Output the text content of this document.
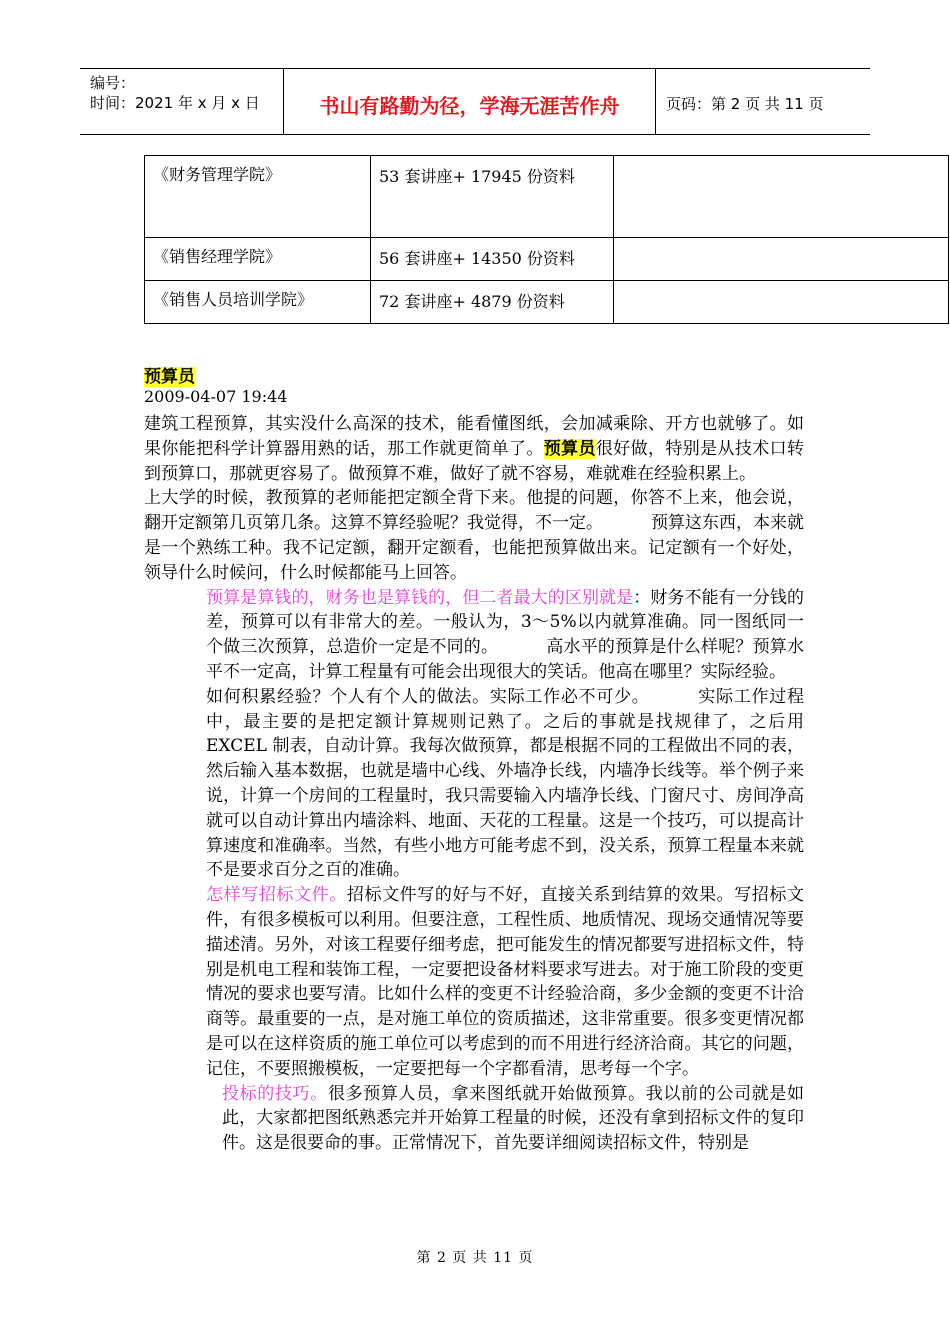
编号：
时间：2021 年 x 月 x 日	书山有路勤为径，学海无涯苦作舟	页码：第 2 页 共 11 页
《财务管理学院》	53 套讲座+ 17945 份资料	
《销售经理学院》	56 套讲座+ 14350 份资料	
《销售人员培训学院》	72 套讲座+ 4879 份资料	
预算员
2009-04-07 19:44

建筑工程预算，其实没什么高深的技术，能看懂图纸，会加减乘除、开方也就够了。如果你能把科学计算器用熟的话，那工作就更简单了。预算员很好做，特别是从技术口转到预算口，那就更容易了。做预算不难，做好了就不容易，难就难在经验积累上。上大学的时候，教预算的老师能把定额全背下来。他提的问题，你答不上来，他会说，翻开定额第几页第几条。这算不算经验呢？我觉得，不一定。	预算这东西，本来就是一个熟练工种。我不记定额，翻开定额看，也能把预算做出来。记定额有一个好处，领导什么时候问，什么时候都能马上回答。

预算是算钱的，财务也是算钱的，但二者最大的区别就是：财务不能有一分钱的差，预算可以有非常大的差。一般认为，3～5%以内就算准确。同一图纸同一个做三次预算，总造价一定是不同的。	高水平的预算是什么样呢？预算水平不一定高，计算工程量有可能会出现很大的笑话。他高在哪里？实际经验。如何积累经验？个人有个人的做法。实际工作必不可少。	实际工作过程中，最主要的是把定额计算规则记熟了。之后的事就是找规律了，之后用 EXCEL 制表，自动计算。我每次做预算，都是根据不同的工程做出不同的表，然后输入基本数据，也就是墙中心线、外墙净长线，内墙净长线等。举个例子来说，计算一个房间的工程量时，我只需要输入内墙净长线、门窗尺寸、房间净高就可以自动计算出内墙涂料、地面、天花的工程量。这是一个技巧，可以提高计算速度和准确率。当然，有些小地方可能考虑不到，没关系，预算工程量本来就不是要求百分之百的准确。

怎样写招标文件。招标文件写的好与不好，直接关系到结算的效果。写招标文件，有很多模板可以利用。但要注意，工程性质、地质情况、现场交通情况等要描述清。另外，对该工程要仔细考虑，把可能发生的情况都要写进招标文件，特别是机电工程和装饰工程，一定要把设备材料要求写进去。对于施工阶段的变更情况的要求也要写清。比如什么样的变更不计经验洽商，多少金额的变更不计洽商等。最重要的一点，是对施工单位的资质描述，这非常重要。很多变更情况都是可以在这样资质的施工单位可以考虑到的而不用进行经济洽商。其它的问题，记住，不要照搬模板，一定要把每一个字都看清，思考每一个字。

投标的技巧。很多预算人员，拿来图纸就开始做预算。我以前的公司就是如此，大家都把图纸熟悉完并开始算工程量的时候，还没有拿到招标文件的复印件。这是很要命的事。正常情况下，首先要详细阅读招标文件，特别是

第 2 页 共 11 页
